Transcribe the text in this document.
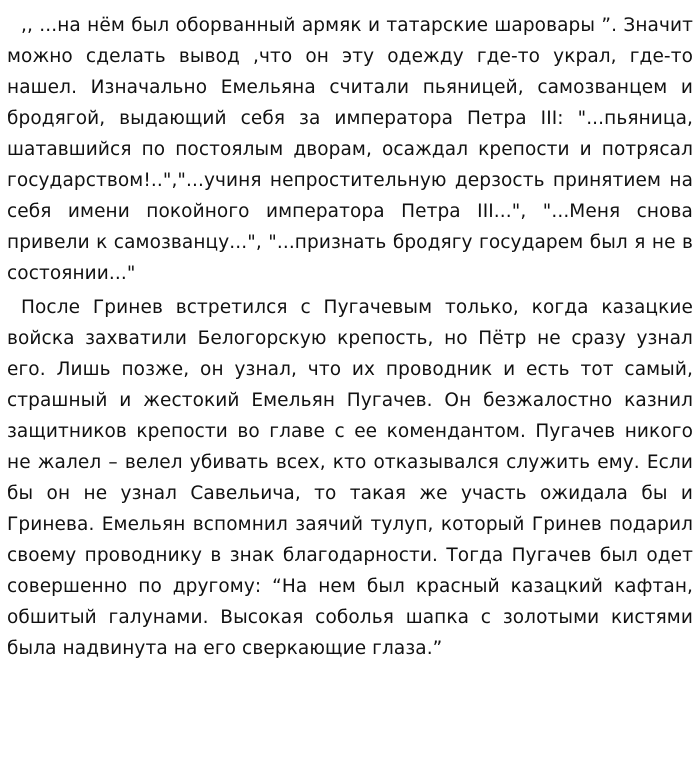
,, ...на нём был оборванный армяк и татарские шаровары ”. Значит можно сделать вывод ,что он эту одежду где-то украл, где-то нашел. Изначально Емельяна считали пьяницей, самозванцем и бродягой, выдающий себя за императора Петра III: "...пьяница, шатавшийся по постоялым дворам, осаждал крепости и потрясал государством!..","...учиня непростительную дерзость принятием на себя имени покойного императора Петра III...", "...Меня снова привели к самозванцу...", "...признать бродягу государем был я не в состоянии..."

После Гринев встретился с Пугачевым только, когда казацкие войска захватили Белогорскую крепость, но Пётр не сразу узнал его. Лишь позже, он узнал, что их проводник и есть тот самый, страшный и жестокий Емельян Пугачев. Он безжалостно казнил защитников крепости во главе с ее комендантом. Пугачев никого не жалел – велел убивать всех, кто отказывался служить ему. Если бы он не узнал Савельича, то такая же участь ожидала бы и Гринева. Емельян вспомнил заячий тулуп, который Гринев подарил своему проводнику в знак благодарности. Тогда Пугачев был одет совершенно по другому: “На нем был красный казацкий кафтан, обшитый галунами. Высокая соболья шапка с золотыми кистями была надвинута на его сверкающие глаза.”
